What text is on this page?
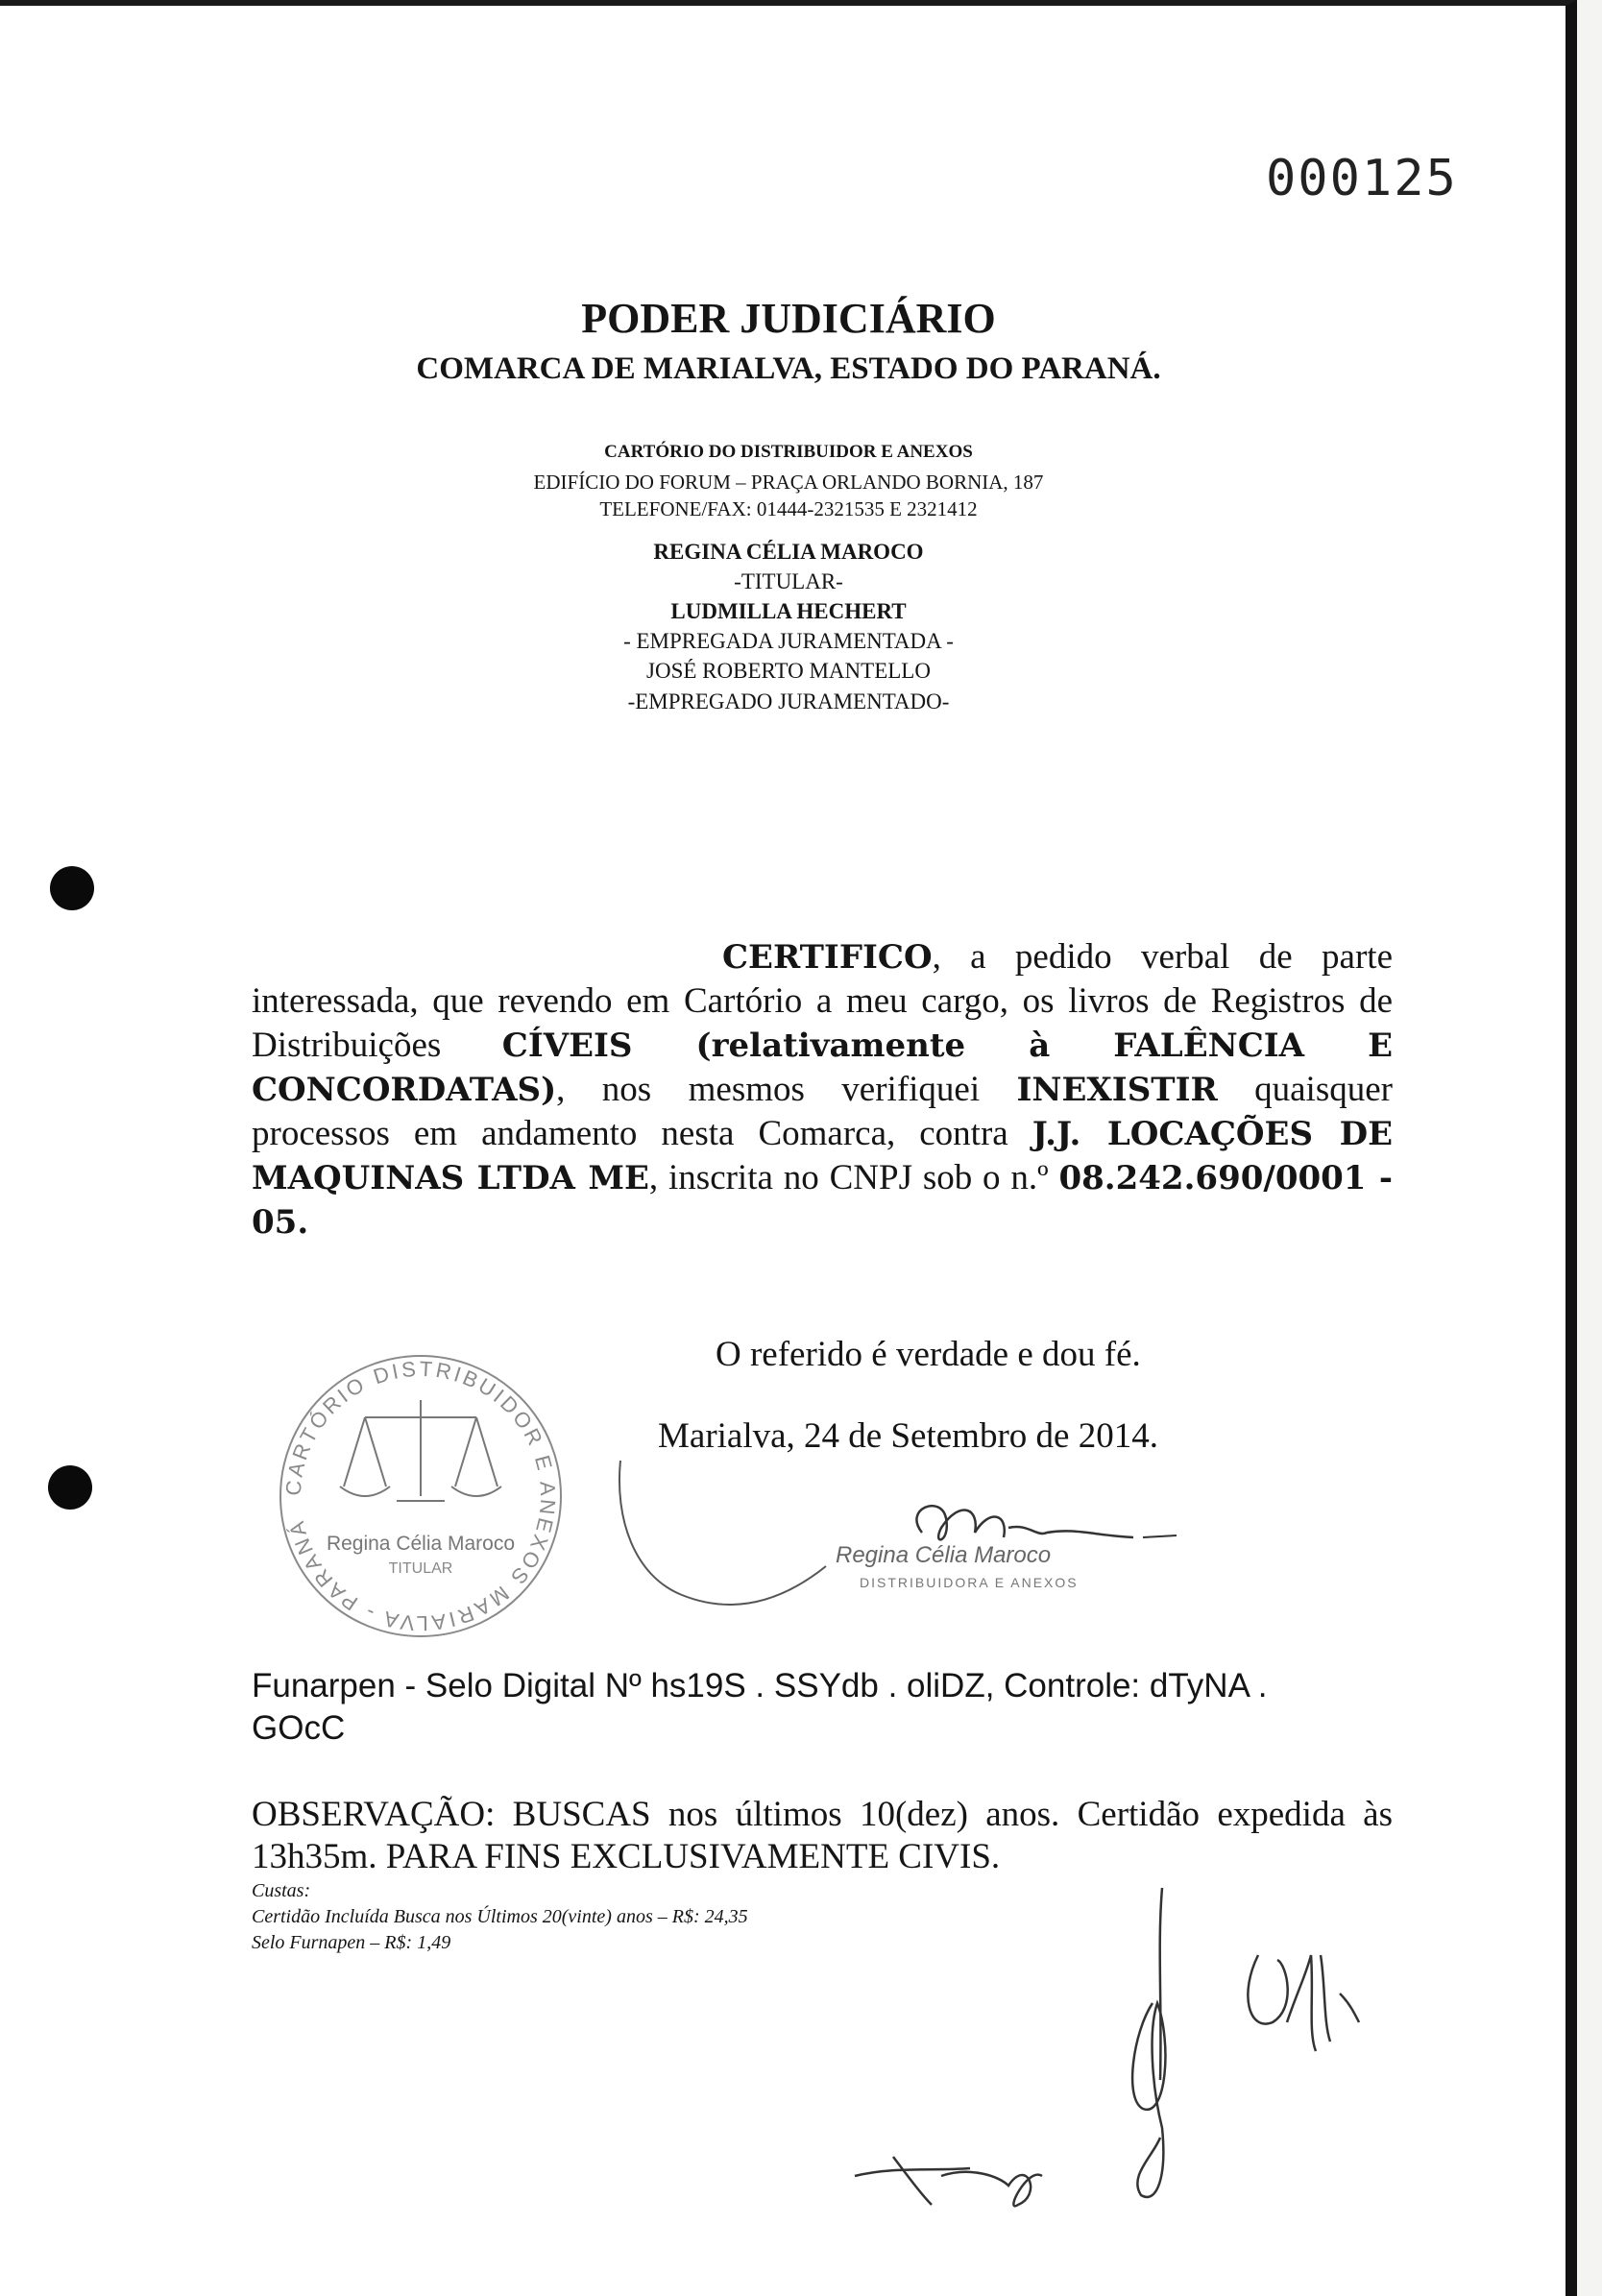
000125
PODER JUDICIÁRIO
COMARCA DE MARIALVA, ESTADO DO PARANÁ.
CARTÓRIO DO DISTRIBUIDOR E ANEXOS
EDIFÍCIO DO FORUM – PRAÇA ORLANDO BORNIA, 187
TELEFONE/FAX: 01444-2321535 E 2321412
REGINA CÉLIA MAROCO
-TITULAR-
LUDMILLA HECHERT
- EMPREGADA JURAMENTADA -
JOSÉ ROBERTO MANTELLO
-EMPREGADO JURAMENTADO-
CERTIFICO, a pedido verbal de parte interessada, que revendo em Cartório a meu cargo, os livros de Registros de Distribuições CÍVEIS (relativamente à FALÊNCIA E CONCORDATAS), nos mesmos verifiquei INEXISTIR quaisquer processos em andamento nesta Comarca, contra J.J. LOCAÇÕES DE MAQUINAS LTDA ME, inscrita no CNPJ sob o n.º 08.242.690/0001 - 05.
O referido é verdade e dou fé.
Marialva, 24 de Setembro de 2014.
CARTÓRIO DISTRIBUIDOR E ANEXOS MARIALVA - PARANÁ
Regina Célia Maroco
TITULAR
Regina Célia Maroco
DISTRIBUIDORA E ANEXOS
Funarpen - Selo Digital Nº hs19S . SSYdb . oliDZ, Controle: dTyNA . GOcC
OBSERVAÇÃO: BUSCAS nos últimos 10(dez) anos. Certidão expedida às 13h35m. PARA FINS EXCLUSIVAMENTE CIVIS.
Custas:
Certidão Incluída Busca nos Últimos 20(vinte) anos – R$: 24,35
Selo Furnapen – R$: 1,49
